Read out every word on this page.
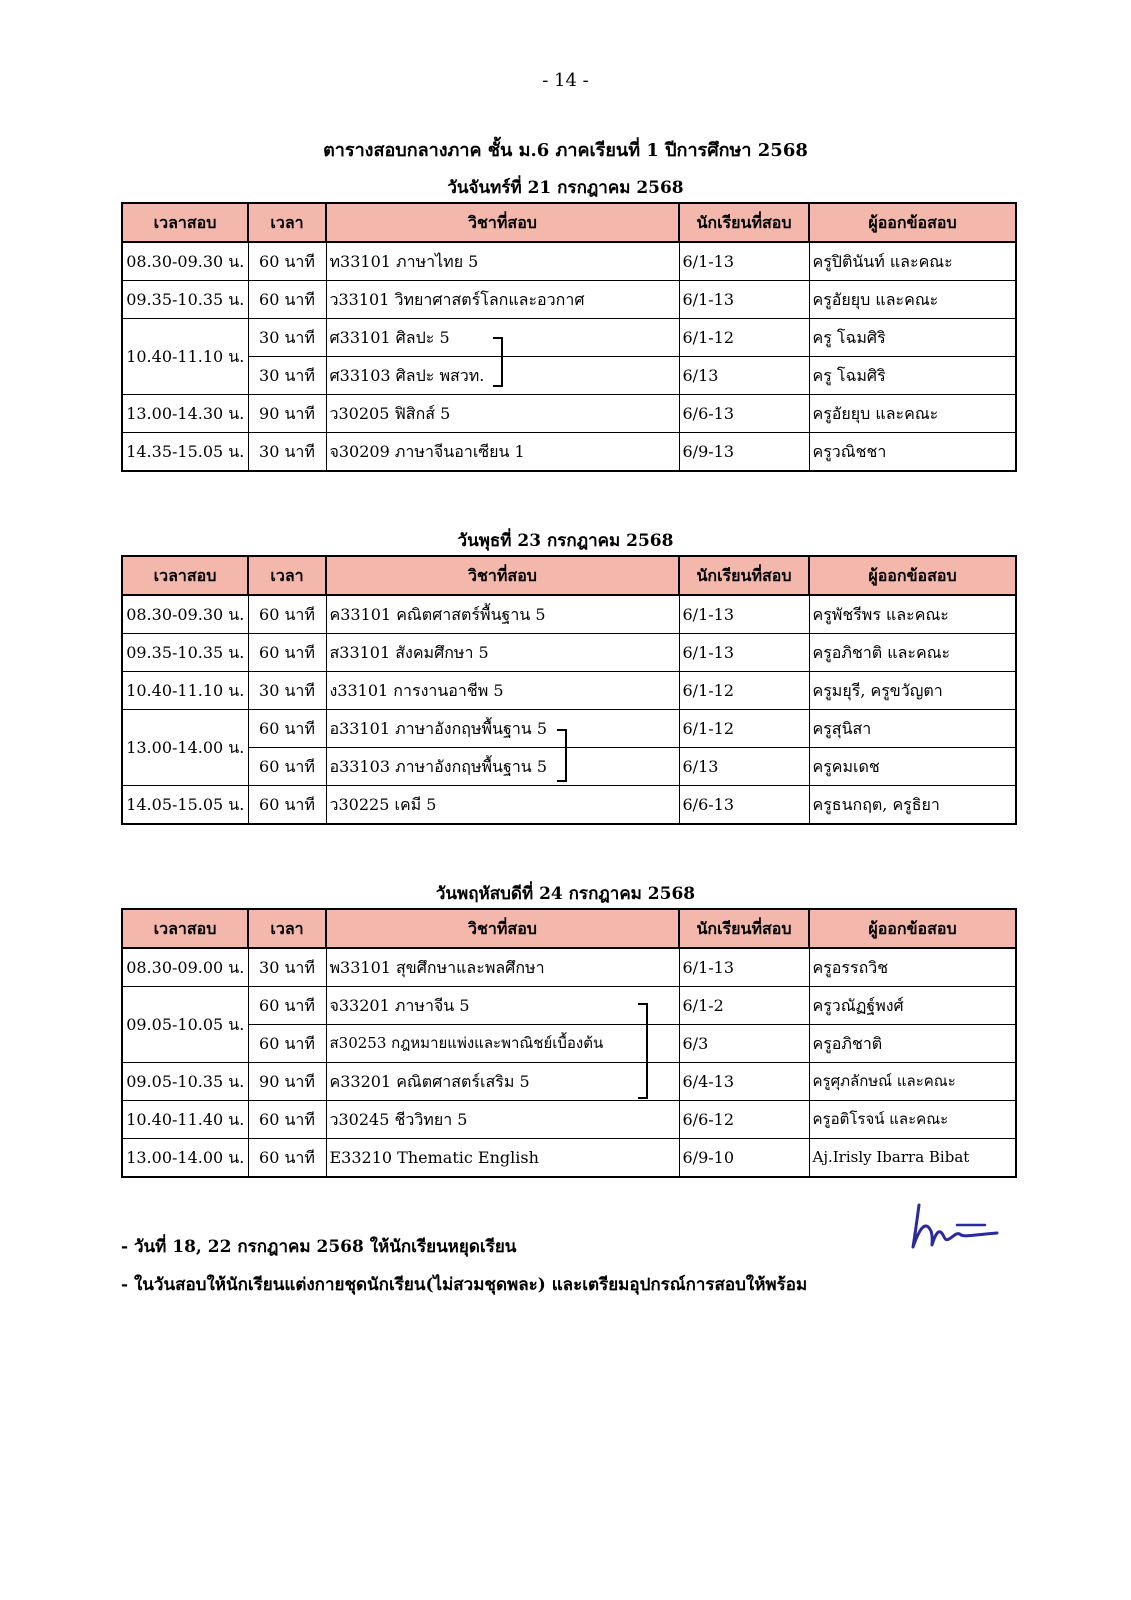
- 14 -
ตารางสอบกลางภาค ชั้น ม.6 ภาคเรียนที่ 1 ปีการศึกษา 2568
วันจันทร์ที่ 21 กรกฎาคม 2568
เวลาสอบ	เวลา	วิชาที่สอบ	นักเรียนที่สอบ	ผู้ออกข้อสอบ
08.30-09.30 น.	60 นาที	ท33101 ภาษาไทย 5	6/1-13	ครูปิตินันท์ และคณะ
09.35-10.35 น.	60 นาที	ว33101 วิทยาศาสตร์โลกและอวกาศ	6/1-13	ครูอัยยุบ และคณะ
10.40-11.10 น.	30 นาที	ศ33101 ศิลปะ 5	6/1-12	ครู โฉมศิริ
	30 นาที	ศ33103 ศิลปะ พสวท.	6/13	ครู โฉมศิริ
13.00-14.30 น.	90 นาที	ว30205 ฟิสิกส์ 5	6/6-13	ครูอัยยุบ และคณะ
14.35-15.05 น.	30 นาที	จ30209 ภาษาจีนอาเซียน 1	6/9-13	ครูวณิชชา
วันพุธที่ 23 กรกฎาคม 2568
เวลาสอบ	เวลา	วิชาที่สอบ	นักเรียนที่สอบ	ผู้ออกข้อสอบ
08.30-09.30 น.	60 นาที	ค33101 คณิตศาสตร์พื้นฐาน 5	6/1-13	ครูพัชรีพร และคณะ
09.35-10.35 น.	60 นาที	ส33101 สังคมศึกษา 5	6/1-13	ครูอภิชาติ และคณะ
10.40-11.10 น.	30 นาที	ง33101 การงานอาชีพ 5	6/1-12	ครูมยุรี, ครูขวัญตา
13.00-14.00 น.	60 นาที	อ33101 ภาษาอังกฤษพื้นฐาน 5	6/1-12	ครูสุนิสา
	60 นาที	อ33103 ภาษาอังกฤษพื้นฐาน 5	6/13	ครูคมเดช
14.05-15.05 น.	60 นาที	ว30225 เคมี 5	6/6-13	ครูธนกฤต, ครูธิยา
วันพฤหัสบดีที่ 24 กรกฎาคม 2568
เวลาสอบ	เวลา	วิชาที่สอบ	นักเรียนที่สอบ	ผู้ออกข้อสอบ
08.30-09.00 น.	30 นาที	พ33101 สุขศึกษาและพลศึกษา	6/1-13	ครูอรรถวิช
09.05-10.05 น.	60 นาที	จ33201 ภาษาจีน 5	6/1-2	ครูวณัฏฐ์พงศ์
	60 นาที	ส30253 กฎหมายแพ่งและพาณิชย์เบื้องต้น	6/3	ครูอภิชาติ
09.05-10.35 น.	90 นาที	ค33201 คณิตศาสตร์เสริม 5	6/4-13	ครูศุภลักษณ์ และคณะ
10.40-11.40 น.	60 นาที	ว30245 ชีววิทยา 5	6/6-12	ครูอติโรจน์ และคณะ
13.00-14.00 น.	60 นาที	E33210 Thematic English	6/9-10	Aj.Irisly Ibarra Bibat
- วันที่ 18, 22 กรกฎาคม 2568 ให้นักเรียนหยุดเรียน
- ในวันสอบให้นักเรียนแต่งกายชุดนักเรียน(ไม่สวมชุดพละ) และเตรียมอุปกรณ์การสอบให้พร้อม
